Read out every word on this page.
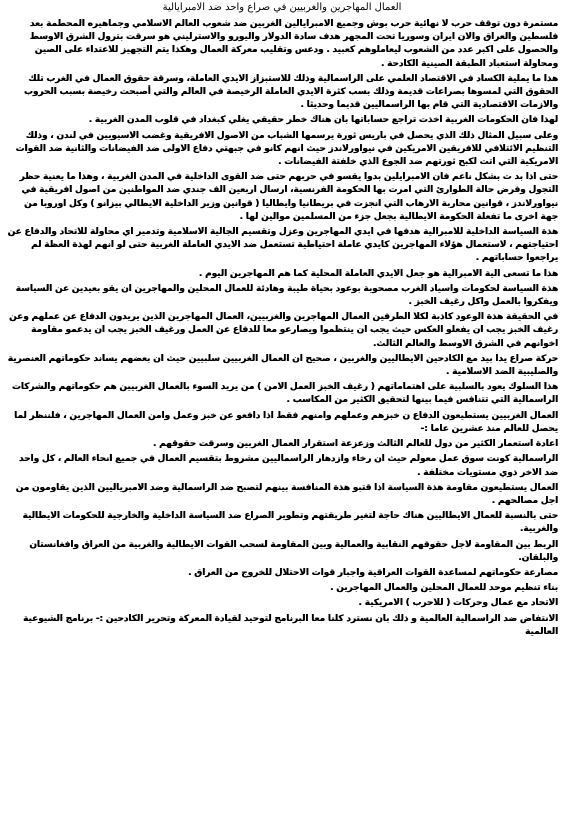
العمال المهاجرين والغربيين في صراع واحد ضد الامبرايالية

مستمرة دون توقف حرب لا نهائية حرب بوش وجميع الامبرايالين الغربين ضد شعوب العالم الاسلامي وجماهيره المحطمة بعد فلسطين والعراق والان ايران وسوريا تحت المجهر هدف سادة الدولار واليورو والاسترليني هو سرقت بترول الشرق الاوسط والحصول على اكبر عدد من الشعوب ليعاملوهم كعبيد . ودعس وتقليب معركة العمال وهكذا يتم التجهيز للاعتداء على الصين ومحاولة استعباد الطبقة الصينية الكادحة .

هذا ما يملية الكساد في الاقتصاد العلمي على الراسمالية وذلك للاستبزاز الايدي العاملة، وسرقة حقوق العمال في الغرب تلك الحقوق التي لمسوها بصراعات قديمة وذلك بسب كثرة الايدي العاملة الرخيصة في العالم والتي أصبحت رخيصة بسبب الحروب والازمات الاقتصادية التي قام بها الراسماليين قديما وحديثا .

لهذا فان الحكومات الغربية اخذت تراجع حساباتها بان هناك خطر حقيقي يغلي كبغداد في قلوب المدن الغربية .

وعلى سبيل المثال ذلك الذي يحصل في باريس ثورة يرسمها الشباب من الاصول الافريقية وغضب الاسيويين في لندن ، وذلك التنظيم الائتلافي للافريقين الامريكين في نيواورلاندز حيث انهم كانو في جبهتي دفاع الاولى ضد الفيضانات والثانية ضد القوات الامريكية التي اتت لكبح ثورتهم ضد الجوع الذي خلفتة الفيضانات .

حتى اذا بد ت بشكل ناعم فان الامبرايلين بدوا يقسو في حربهم حتى ضد القوى الداخلية في المدن الغربية ، وهذا ما يعنية حظر التجول وفرض حالة الطوارئ التي امرت بها الحكومة الفرنسية، ارسال اربعين الف جندي ضد المواطنين من اصول افريقية في نيواورلاندز ، قوانين محاربة الارهاب التي انجزت في بريطانيا وايطاليا ( قوانين وزير الداخلية الايطالي بيزانو ) وكل اوروبا من جهة اخرى ما تفعلة الحكومة الايطالية بجعل جزء من المسلمين موالين لها .

هذة السياسة الداخلية للامبرالية هدفها في ايدي المهاجرين وعزل وتقسيم الجالية الاسلامية وتدمير اي محاولة للاتحاد والدفاع عن احتياجتهم ، لاستعمال هؤلاء المهاجرين كايدي عاملة احتياطية تستعمل ضد الايدي العاملة الغربية حتى لو انهم لهذة العظة لم يراجعوا حساباتهم .

هذا ما تسعى الية الامبرالية هو جعل الايدي العاملة المحلية كما هم المهاجرين اليوم .

هذة السياسة لحكومات واسياد الغرب مصحوبة بوعود بحياة طيبة وهادئة للعمال المحلين والمهاجرين ان يقو بعيدين عن السياسة ويفكروا بالعمل واكل رغيف الخبز .

في الحقيقة هذة الوعود كاذبة لكلا الطرفين العمال المهاجرين والغربيين، العمال المهاجرين الذين يريدون الدفاع عن عملهم وعن رغيف الخبز يجب ان يفعلو العكس حيث يجب ان ينتظموا ويصارعو معا للدفاع عن العمل ورغيف الخبز يجب ان يدعمو مقاومة اخوانهم في الشرق الاوسط والعالم الثالث.

حركة صراع يدا بيد مع الكادحين الايطاليين والغربين ، صحيح ان العمال الغربيين سلبيين حيث ان بعضهم يساند حكوماتهم العنصرية والصليبية الضد الاسلامية .

هذا السلوك يعود بالسلبية على اهتماماتهم ( رغيف الخبز العمل الامن ) من يريد السوء بالعمال الغربيين هم حكوماتهم والشركات الراسمالية التي تتنافس فيما بينها لتحقيق الكثير من المكاسب .

العمال الغربيين يستطيعون الدفاع ن خبزهم وعملهم وامنهم فقط اذا دافعو عن خبز وعمل وامن العمال المهاجرين ، فلننظر لما يحصل للعالم منذ عشرين عاما :-

اعادة استعمار الكثير من دول للعالم الثالث وزعزعة استقرار العمال الغربين وسرقت حقوقهم .

الراسمالية كونت سوق عمل معولم حيث ان رخاء وازدهار الراسماليين مشروط بتقسيم العمال في جميع انحاء العالم ، كل واحد ضد الاخر ذوي مستويات مختلفة .

العمال يستطيعون مقاومة هذة السياسة اذا قتبو هذة المنافسة بينهم لتصبح ضد الراسمالية وضد الامبرياليين الذين يقاومون من اجل مصالحهم .

حتى بالنسبة للعمال الايطاليين هناك حاجة لتغير طريقتهم وتطوير الصراع ضد السياسة الداخلية والخارجية للحكومات الايطالية والغربية.

الربط بين المقاومة لاجل حقوقهم النقابية والعمالية وبين المقاومة لسحب القوات الايطالية والغربية من العراق وافغانستان والبلقان.

مصارعة حكوماتهم لمساعدة القوات العراقية واجبار قوات الاحتلال للخروج من العراق .

بناء تنظيم موحد للعمال المحلين والعمال المهاجرين .

الاتحاد مع عمال وحركات ( للاحرب ) الامريكية .

الانتفاض ضد الراسمالية العالمية و ذلك بان نسترد كلنا معا البرنامج لتوحيد لقيادة المعركة وتحرير الكادحين :- برنامج الشيوعية العالمية
